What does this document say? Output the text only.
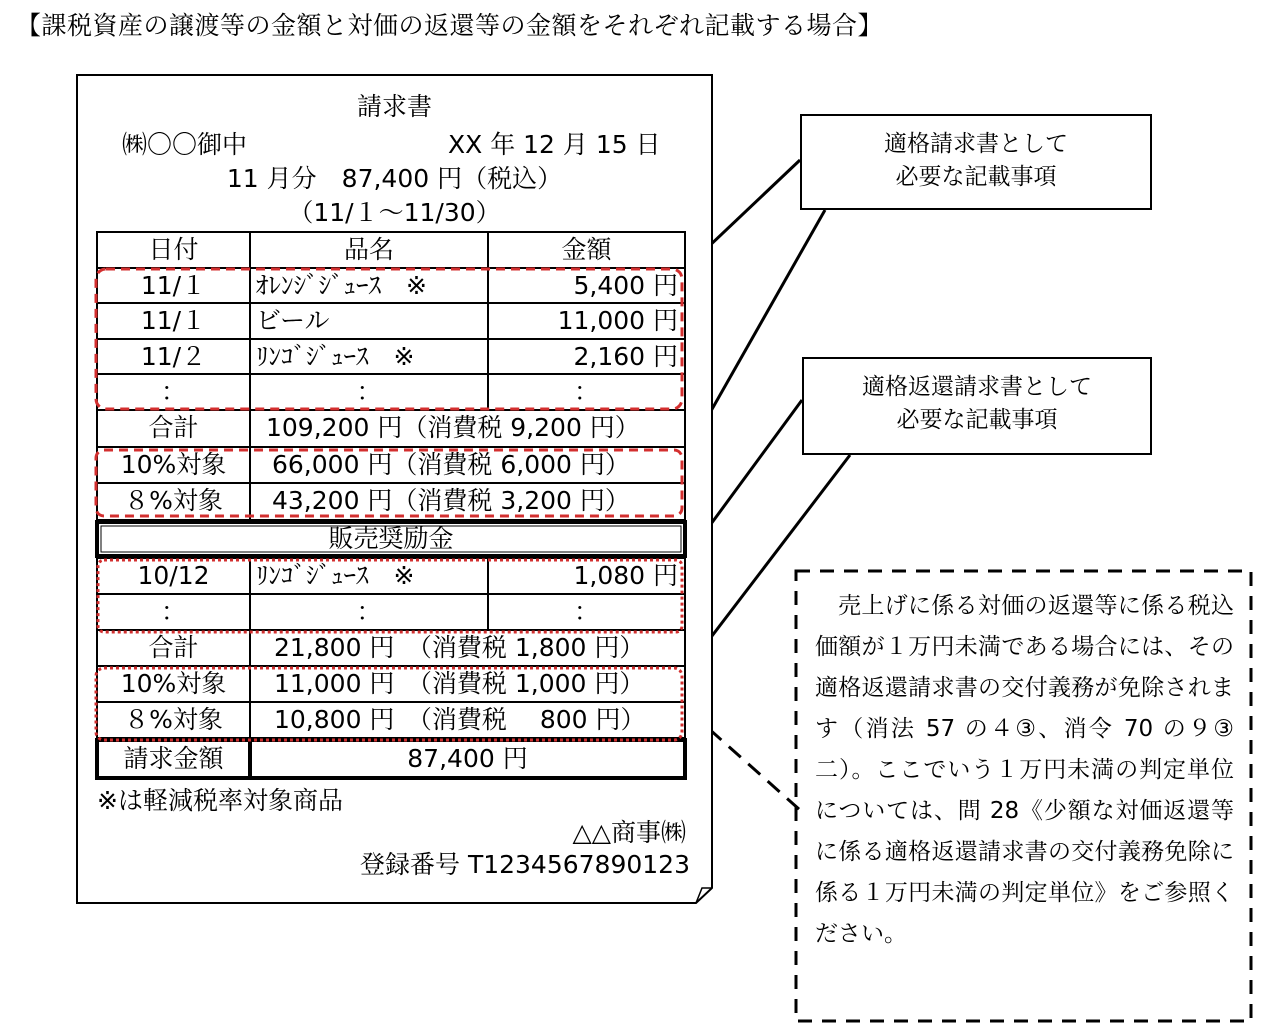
【課税資産の譲渡等の金額と対価の返還等の金額をそれぞれ記載する場合】
請求書
㈱〇〇御中	XX 年 12 月 15 日
11 月分　87,400 円（税込）
（11/１～11/30）
日付	品名	金額
11/１	ｵﾚﾝｼﾞｼﾞｭｰｽ　※	5,400 円
11/１	ビール	11,000 円
11/２	ﾘﾝｺﾞｼﾞｭｰｽ　※	2,160 円
：	：	：
合計	109,200 円（消費税 9,200 円）
10%対象	66,000 円（消費税 6,000 円）
８%対象	43,200 円（消費税 3,200 円）
販売奨励金
10/12	ﾘﾝｺﾞｼﾞｭｰｽ　※	1,080 円
：	：	：
合計	21,800 円　（消費税 1,800 円）
10%対象	11,000 円　（消費税 1,000 円）
８%対象	10,800 円　（消費税　 800 円）
請求金額	87,400 円
※は軽減税率対象商品
△△商事㈱
登録番号 T1234567890123
適格請求書として
必要な記載事項
適格返還請求書として
必要な記載事項

売上げに係る対価の返還等に係る税込価額が１万円未満である場合には、その適格返還請求書の交付義務が免除されます（消法 57 の４③、消令 70 の９③二）。ここでいう１万円未満の判定単位については、問 28《少額な対価返還等に係る適格返還請求書の交付義務免除に係る１万円未満の判定単位》をご参照ください。
